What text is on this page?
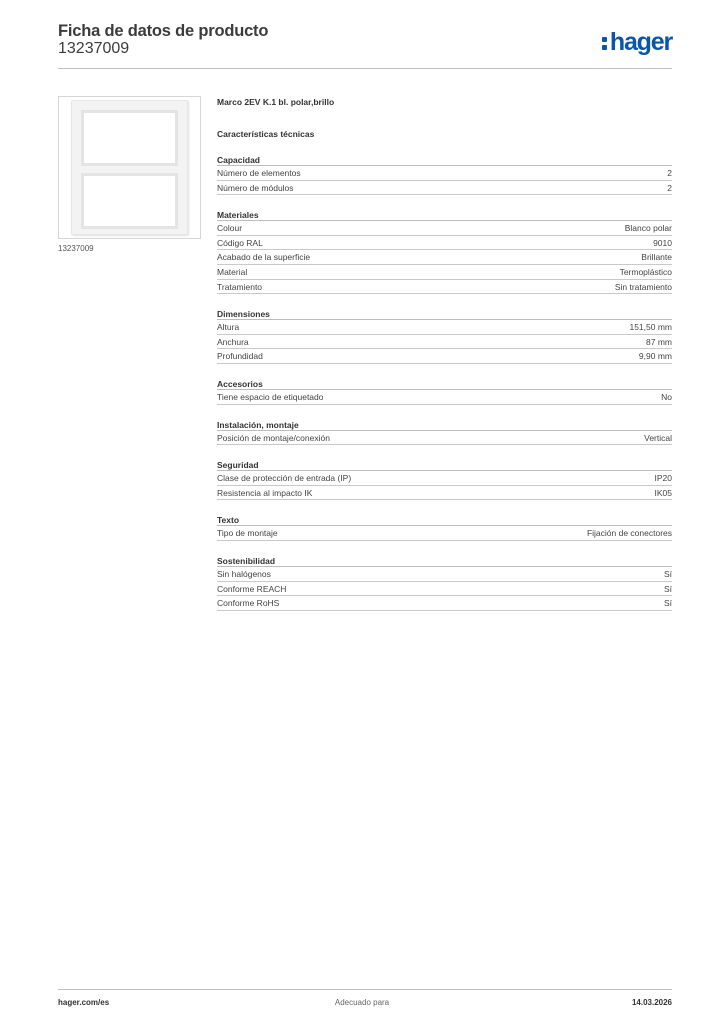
Ficha de datos de producto
13237009	hager
13237009
Marco 2EV K.1 bl. polar,brillo
Características técnicas
Capacidad
Número de elementos	2
Número de módulos	2
Materiales
Colour	Blanco polar
Código RAL	9010
Acabado de la superficie	Brillante
Material	Termoplástico
Tratamiento	Sin tratamiento
Dimensiones
Altura	151,50 mm
Anchura	87 mm
Profundidad	9,90 mm
Accesorios
Tiene espacio de etiquetado	No
Instalación, montaje
Posición de montaje/conexión	Vertical
Seguridad
Clase de protección de entrada (IP)	IP20
Resistencia al impacto IK	IK05
Texto
Tipo de montaje	Fijación de conectores
Sostenibilidad
Sin halógenos	Sí
Conforme REACH	Sí
Conforme RoHS	Sí
hager.com/es	Adecuado para	14.03.2026
